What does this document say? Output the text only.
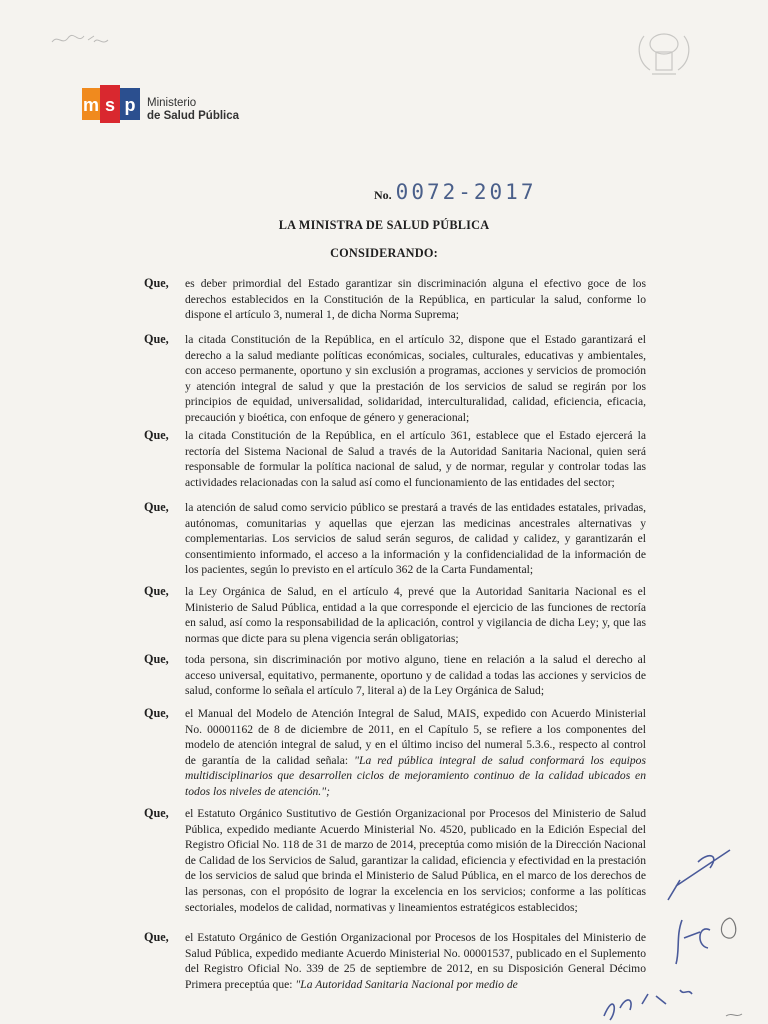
m s p Ministerio
de Salud Pública
No. 0072-2017
LA MINISTRA DE SALUD PÚBLICA
CONSIDERANDO:
Que, es deber primordial del Estado garantizar sin discriminación alguna el efectivo goce de los derechos establecidos en la Constitución de la República, en particular la salud, conforme lo dispone el artículo 3, numeral 1, de dicha Norma Suprema;
Que, la citada Constitución de la República, en el artículo 32, dispone que el Estado garantizará el derecho a la salud mediante políticas económicas, sociales, culturales, educativas y ambientales, con acceso permanente, oportuno y sin exclusión a programas, acciones y servicios de promoción y atención integral de salud y que la prestación de los servicios de salud se regirán por los principios de equidad, universalidad, solidaridad, interculturalidad, calidad, eficiencia, eficacia, precaución y bioética, con enfoque de género y generacional;
Que, la citada Constitución de la República, en el artículo 361, establece que el Estado ejercerá la rectoría del Sistema Nacional de Salud a través de la Autoridad Sanitaria Nacional, quien será responsable de formular la política nacional de salud, y de normar, regular y controlar todas las actividades relacionadas con la salud así como el funcionamiento de las entidades del sector;
Que, la atención de salud como servicio público se prestará a través de las entidades estatales, privadas, autónomas, comunitarias y aquellas que ejerzan las medicinas ancestrales alternativas y complementarias. Los servicios de salud serán seguros, de calidad y calidez, y garantizarán el consentimiento informado, el acceso a la información y la confidencialidad de la información de los pacientes, según lo previsto en el artículo 362 de la Carta Fundamental;
Que, la Ley Orgánica de Salud, en el artículo 4, prevé que la Autoridad Sanitaria Nacional es el Ministerio de Salud Pública, entidad a la que corresponde el ejercicio de las funciones de rectoría en salud, así como la responsabilidad de la aplicación, control y vigilancia de dicha Ley; y, que las normas que dicte para su plena vigencia serán obligatorias;
Que, toda persona, sin discriminación por motivo alguno, tiene en relación a la salud el derecho al acceso universal, equitativo, permanente, oportuno y de calidad a todas las acciones y servicios de salud, conforme lo señala el artículo 7, literal a) de la Ley Orgánica de Salud;
Que, el Manual del Modelo de Atención Integral de Salud, MAIS, expedido con Acuerdo Ministerial No. 00001162 de 8 de diciembre de 2011, en el Capítulo 5, se refiere a los componentes del modelo de atención integral de salud, y en el último inciso del numeral 5.3.6., respecto al control de garantía de la calidad señala: "La red pública integral de salud conformará los equipos multidisciplinarios que desarrollen ciclos de mejoramiento continuo de la calidad ubicados en todos los niveles de atención.";
Que, el Estatuto Orgánico Sustitutivo de Gestión Organizacional por Procesos del Ministerio de Salud Pública, expedido mediante Acuerdo Ministerial No. 4520, publicado en la Edición Especial del Registro Oficial No. 118 de 31 de marzo de 2014, preceptúa como misión de la Dirección Nacional de Calidad de los Servicios de Salud, garantizar la calidad, eficiencia y efectividad en la prestación de los servicios de salud que brinda el Ministerio de Salud Pública, en el marco de los derechos de las personas, con el propósito de lograr la excelencia en los servicios; conforme a las políticas sectoriales, modelos de calidad, normativas y lineamientos estratégicos establecidos;
Que, el Estatuto Orgánico de Gestión Organizacional por Procesos de los Hospitales del Ministerio de Salud Pública, expedido mediante Acuerdo Ministerial No. 00001537, publicado en el Suplemento del Registro Oficial No. 339 de 25 de septiembre de 2012, en su Disposición General Décimo Primera preceptúa que: "La Autoridad Sanitaria Nacional por medio de
